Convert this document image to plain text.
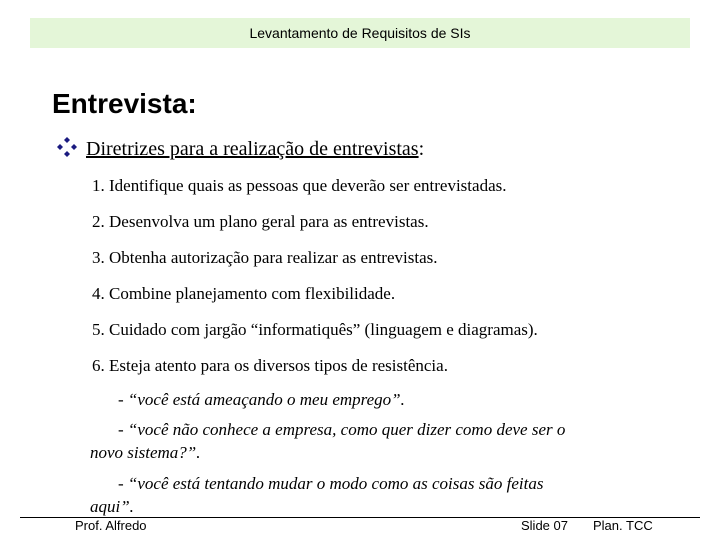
Levantamento de Requisitos de SIs
Entrevista:
Diretrizes para a realização de entrevistas:
1. Identifique quais as pessoas que deverão ser entrevistadas.
2. Desenvolva um plano geral para as entrevistas.
3. Obtenha autorização para realizar as entrevistas.
4. Combine planejamento com flexibilidade.
5. Cuidado com jargão “informatiquês” (linguagem e diagramas).
6. Esteja atento para os diversos tipos de resistência.
- “você está ameaçando o meu emprego”.
- “você não conhece a empresa, como quer dizer como deve ser o
novo sistema?”.
- “você está tentando mudar o modo como as coisas são feitas
aqui”.
Prof. Alfredo	Slide 07 Plan. TCC
